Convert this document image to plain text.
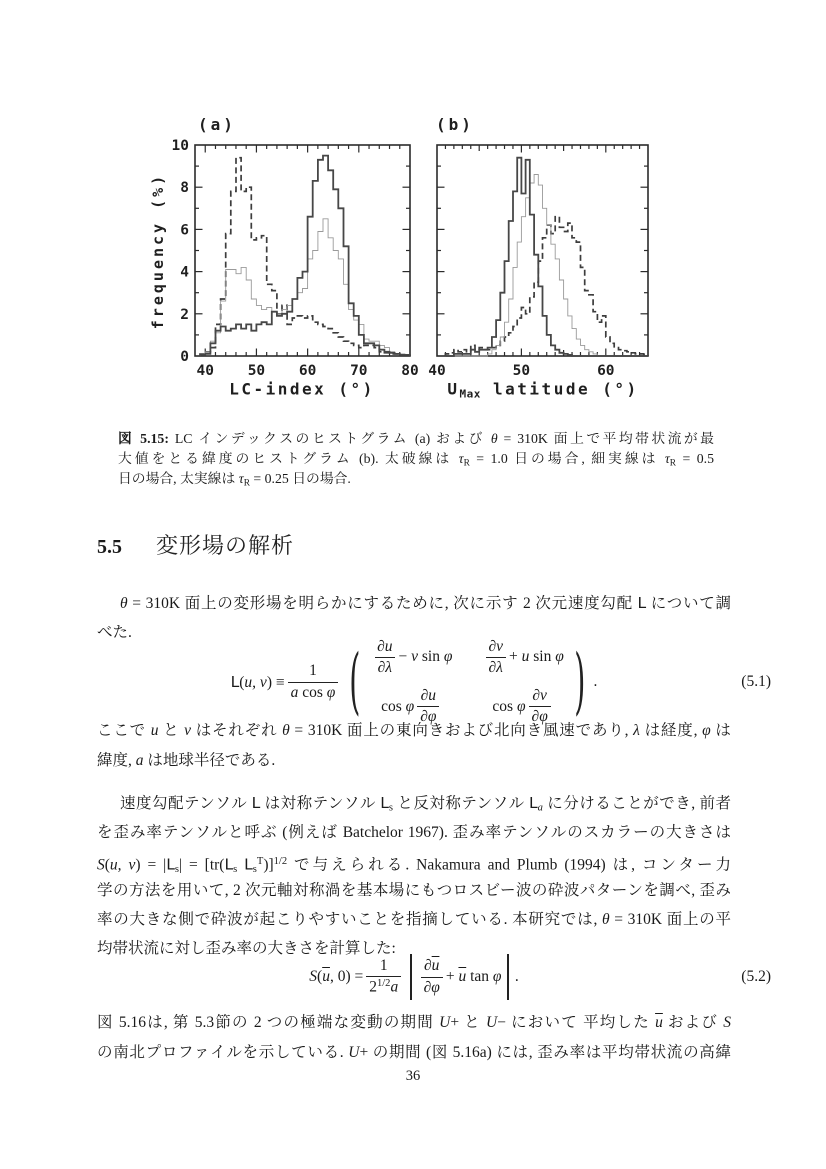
40 50 60 70 80
0
2
4
6
8
10
40	50	60
(a)	(b)
frequency (%)
LC-index (°)	UMax latitude (°)
図 5.15: LC インデックスのヒストグラム (a) および θ = 310K 面上で平均帯状流が最
大値をとる緯度のヒストグラム (b). 太破線は $\tau_R = 1.0$ 日の場合, 細実線は $\tau_R = 0.5$
日の場合, 太実線は $\tau_R = 0.25$ 日の場合.
5.5 変形場の解析
θ = 310K 面上の変形場を明らかにするために, 次に示す 2 次元速度勾配 L について調
べた.
L(u, $v) \equiv \frac{1}{\text{a cos φ}}$ ( $\frac{\partial u}{\partial\lambda} - v$ sin φ $\frac{\partial v}{\partial\lambda} + u$ sin φ
cos φ $\frac{\partial u}{\partial\varphi}$	cos φ $\frac{\partial v}{\partial\varphi}$ ) .	(5.1)
ここで u と v はそれぞれ θ = 310K 面上の東向きおよび北向き風速であり, λ は経度, φ は
緯度, a は地球半径である.
速度勾配テンソル L は対称テンソル $L_s$ と反対称テンソル $L_a$ に分けることができ, 前者
を歪み率テンソルと呼ぶ (例えば Batchelor 1967). 歪み率テンソルのスカラーの大きさは
S(u, $v) = |L_s| = [tr(L_s$ $L_s^T)]^{1/2}$ で与えられる. Nakamura and Plumb (1994) は, コンター力
学の方法を用いて, 2 次元軸対称渦を基本場にもつロスビー波の砕波パターンを調べ, 歪み
率の大きな側で砕波が起こりやすいことを指摘している. 本研究では, θ = 310K 面上の平
均帯状流に対し歪み率の大きさを計算した:
$S(\overline{u}$, $0) = \frac{1}{2^{1/2}a} \frac{\partial\overline{u}}{\partial\varphi} + \overline{u}$ tan φ .	(5.2)
図 5.16は, 第 5.3節の 2 つの極端な変動の期間 U+ と U− において 平均した $\overline{u}$ および S
の南北プロファイルを示している. U+ の期間 (図 5.16a) には, 歪み率は平均帯状流の高緯
36
